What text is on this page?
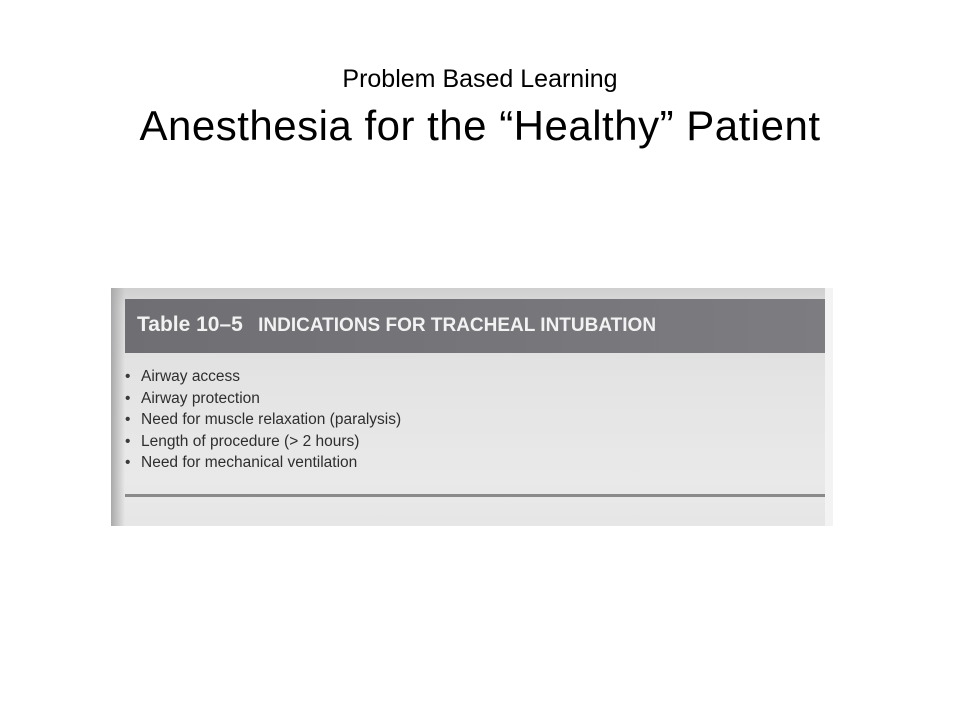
Problem Based Learning
Anesthesia for the “Healthy” Patient
Table 10–5 INDICATIONS FOR TRACHEAL INTUBATION
• Airway access
• Airway protection
• Need for muscle relaxation (paralysis)
• Length of procedure (> 2 hours)
• Need for mechanical ventilation
